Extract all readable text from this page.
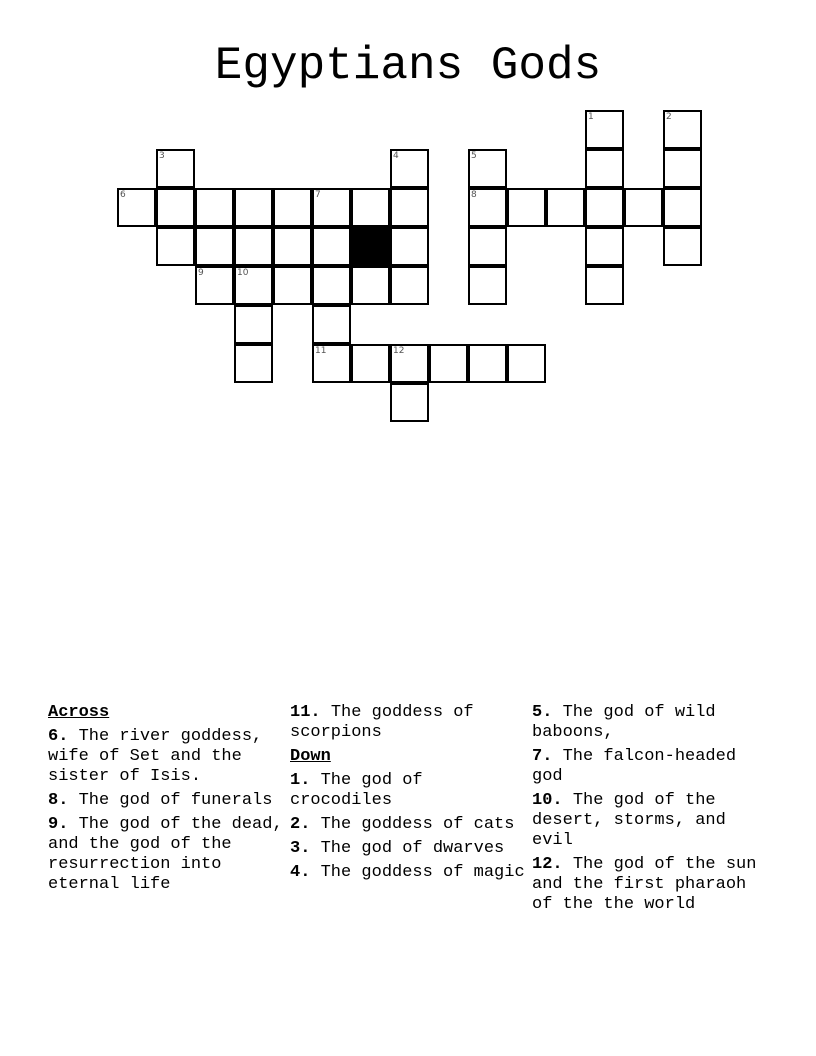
Egyptians Gods
1	2
3	4	5
6	7	8
9	10
11	12
Across
6. The river goddess, wife of Set and the sister of Isis.
8. The god of funerals
9. The god of the dead, and the god of the resurrection into eternal life
11. The goddess of scorpions
Down
1. The god of crocodiles
2. The goddess of cats
3. The god of dwarves
4. The goddess of magic
5. The god of wild baboons,
7. The falcon-headed god
10. The god of the desert, storms, and evil
12. The god of the sun and the first pharaoh of the the world
